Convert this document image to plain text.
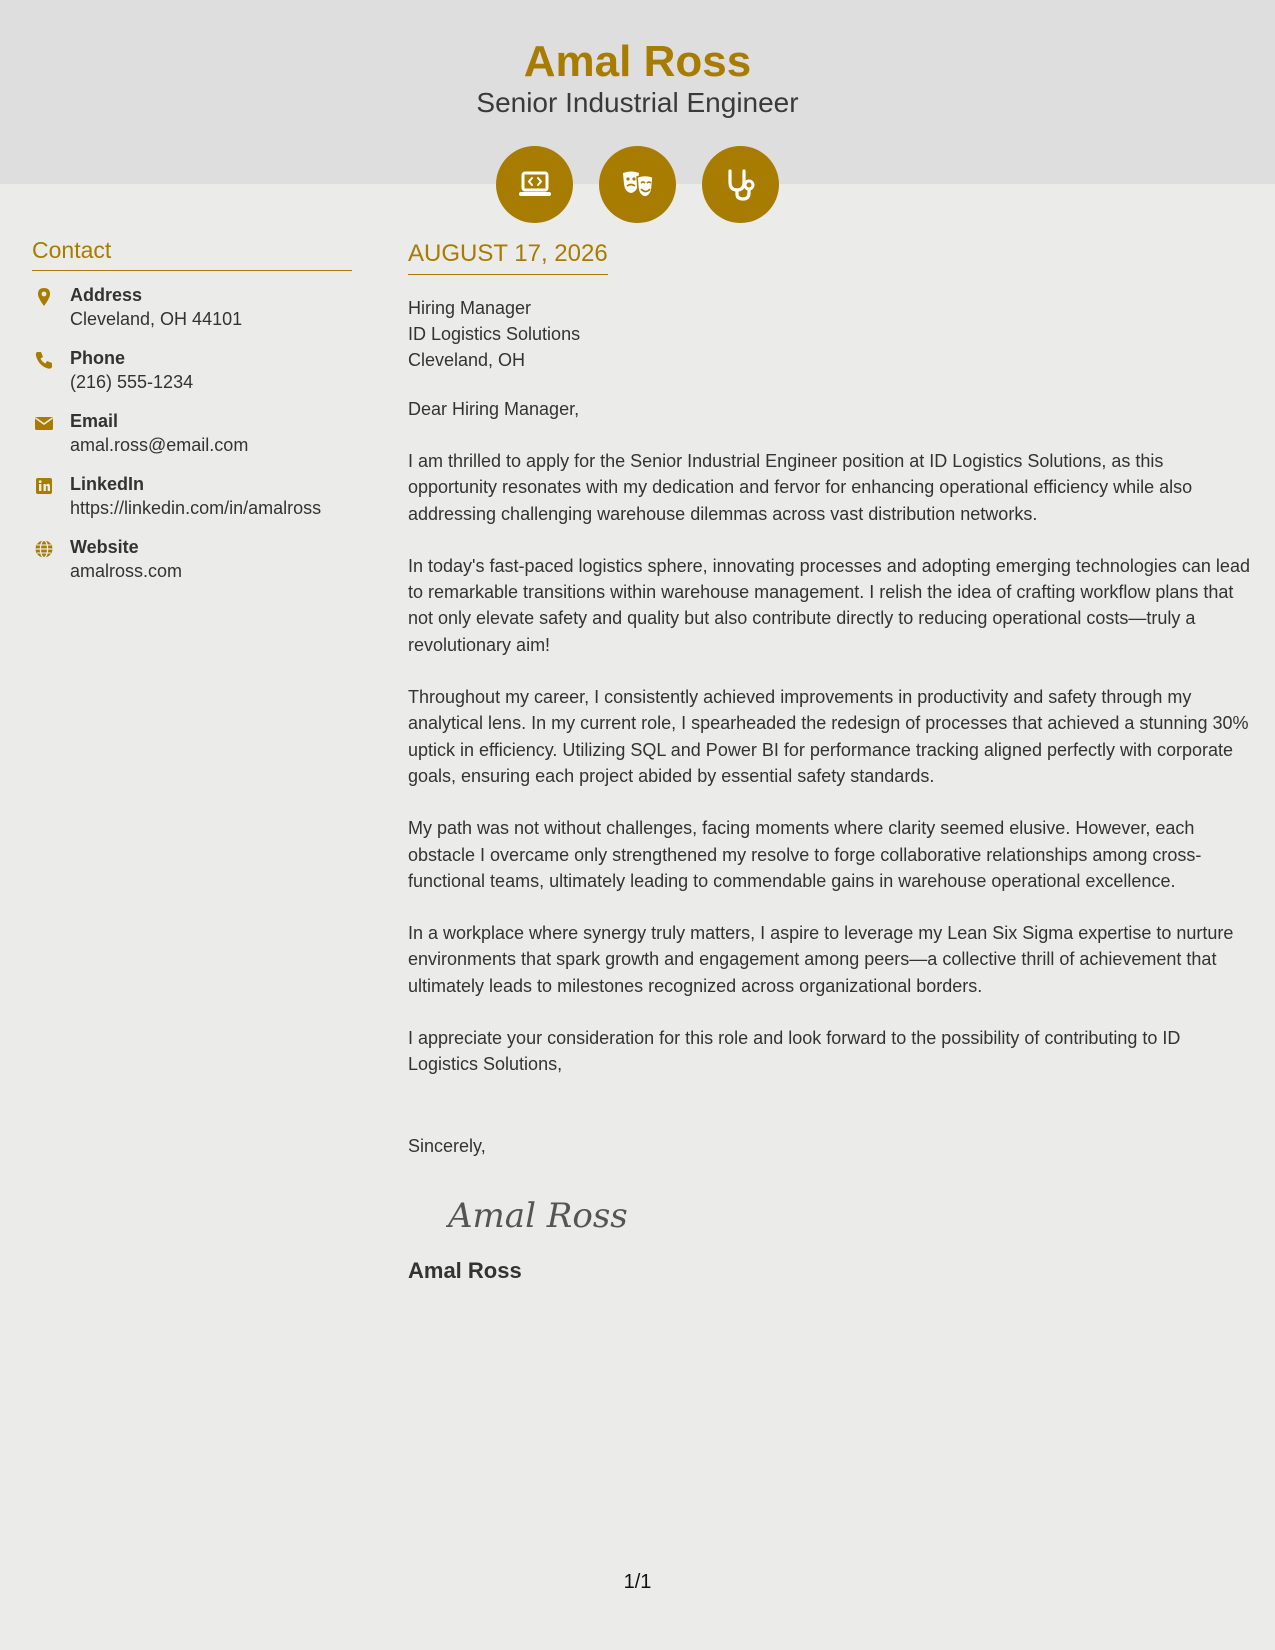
Amal Ross
Senior Industrial Engineer
Contact
Address
Cleveland, OH 44101
Phone
(216) 555-1234
Email
amal.ross@email.com
LinkedIn
https://linkedin.com/in/amalross
Website
amalross.com
AUGUST 17, 2026
Hiring Manager
ID Logistics Solutions
Cleveland, OH
Dear Hiring Manager,
I am thrilled to apply for the Senior Industrial Engineer position at ID Logistics Solutions, as this opportunity resonates with my dedication and fervor for enhancing operational efficiency while also addressing challenging warehouse dilemmas across vast distribution networks.
In today's fast-paced logistics sphere, innovating processes and adopting emerging technologies can lead to remarkable transitions within warehouse management. I relish the idea of crafting workflow plans that not only elevate safety and quality but also contribute directly to reducing operational costs—truly a revolutionary aim!
Throughout my career, I consistently achieved improvements in productivity and safety through my analytical lens. In my current role, I spearheaded the redesign of processes that achieved a stunning 30% uptick in efficiency. Utilizing SQL and Power BI for performance tracking aligned perfectly with corporate goals, ensuring each project abided by essential safety standards.
My path was not without challenges, facing moments where clarity seemed elusive. However, each obstacle I overcame only strengthened my resolve to forge collaborative relationships among cross-functional teams, ultimately leading to commendable gains in warehouse operational excellence.
In a workplace where synergy truly matters, I aspire to leverage my Lean Six Sigma expertise to nurture environments that spark growth and engagement among peers—a collective thrill of achievement that ultimately leads to milestones recognized across organizational borders.
I appreciate your consideration for this role and look forward to the possibility of contributing to ID Logistics Solutions,
Sincerely,
Amal Ross
Amal Ross
1/1
